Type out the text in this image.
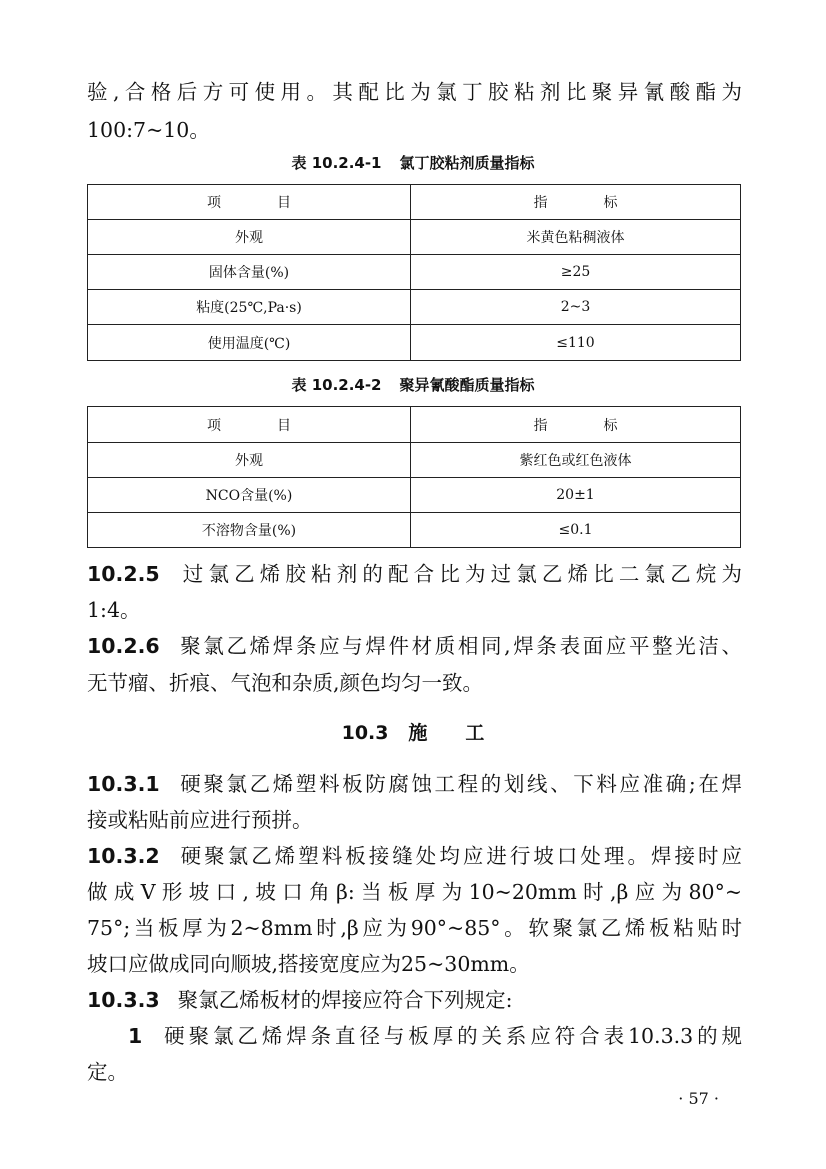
验,合格后方可使用。其配比为氯丁胶粘剂比聚异氰酸酯为
100:7~10。
表 10.2.4-1 氯丁胶粘剂质量指标
项　　　　目	指　　　　标
外观	米黄色粘稠液体
固体含量(%)	≥25
粘度(25℃,Pa·s)	2~3
使用温度(℃)	≤110
表 10.2.4-2 聚异氰酸酯质量指标
项　　　　目	指　　　　标
外观	紫红色或红色液体
NCO含量(%)	20±1
不溶物含量(%)	≤0.1
10.2.5 过氯乙烯胶粘剂的配合比为过氯乙烯比二氯乙烷为
1:4。
10.2.6 聚氯乙烯焊条应与焊件材质相同,焊条表面应平整光洁、
无节瘤、折痕、气泡和杂质,颜色均匀一致。
10.3 施　　工
10.3.1 硬聚氯乙烯塑料板防腐蚀工程的划线、下料应准确;在焊
接或粘贴前应进行预拼。
10.3.2 硬聚氯乙烯塑料板接缝处均应进行坡口处理。焊接时应
做成V形坡口,坡口角β:当板厚为10~20mm时,β应为80°~
75°;当板厚为2~8mm时,β应为90°~85°。软聚氯乙烯板粘贴时
坡口应做成同向顺坡,搭接宽度应为25~30mm。
10.3.3 聚氯乙烯板材的焊接应符合下列规定:
1 硬聚氯乙烯焊条直径与板厚的关系应符合表10.3.3的规
定。
· 57 ·
